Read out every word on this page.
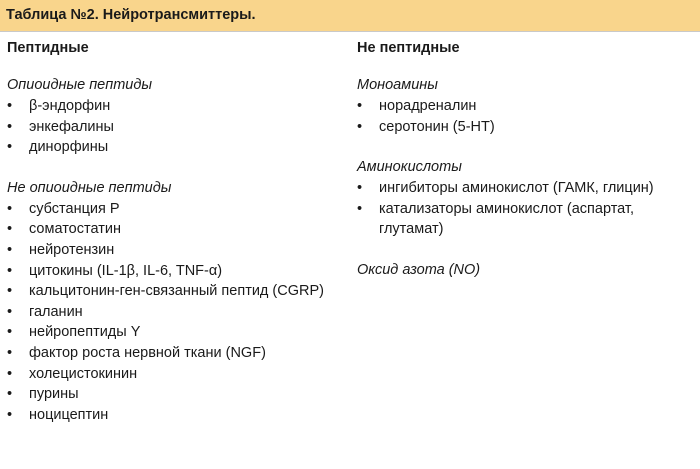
Таблица №2. Нейротрансмиттеры.
Пептидные
Опиоидные пептиды
• β-эндорфин
• энкефалины
• динорфины
Не опиоидные пептиды
• субстанция Р
• соматостатин
• нейротензин
• цитокины (IL-1β, IL-6, TNF-α)
• кальцитонин-ген-связанный пептид (CGRP)
• галанин
• нейропептиды Y
• фактор роста нервной ткани (NGF)
• холецистокинин
• пурины
• ноцицептин
Не пептидные
Моноамины
• норадреналин
• серотонин (5-НТ)
Аминокислоты
• ингибиторы аминокислот (ГАМК, глицин)
• катализаторы аминокислот (аспартат, глутамат)
Оксид азота (NO)
